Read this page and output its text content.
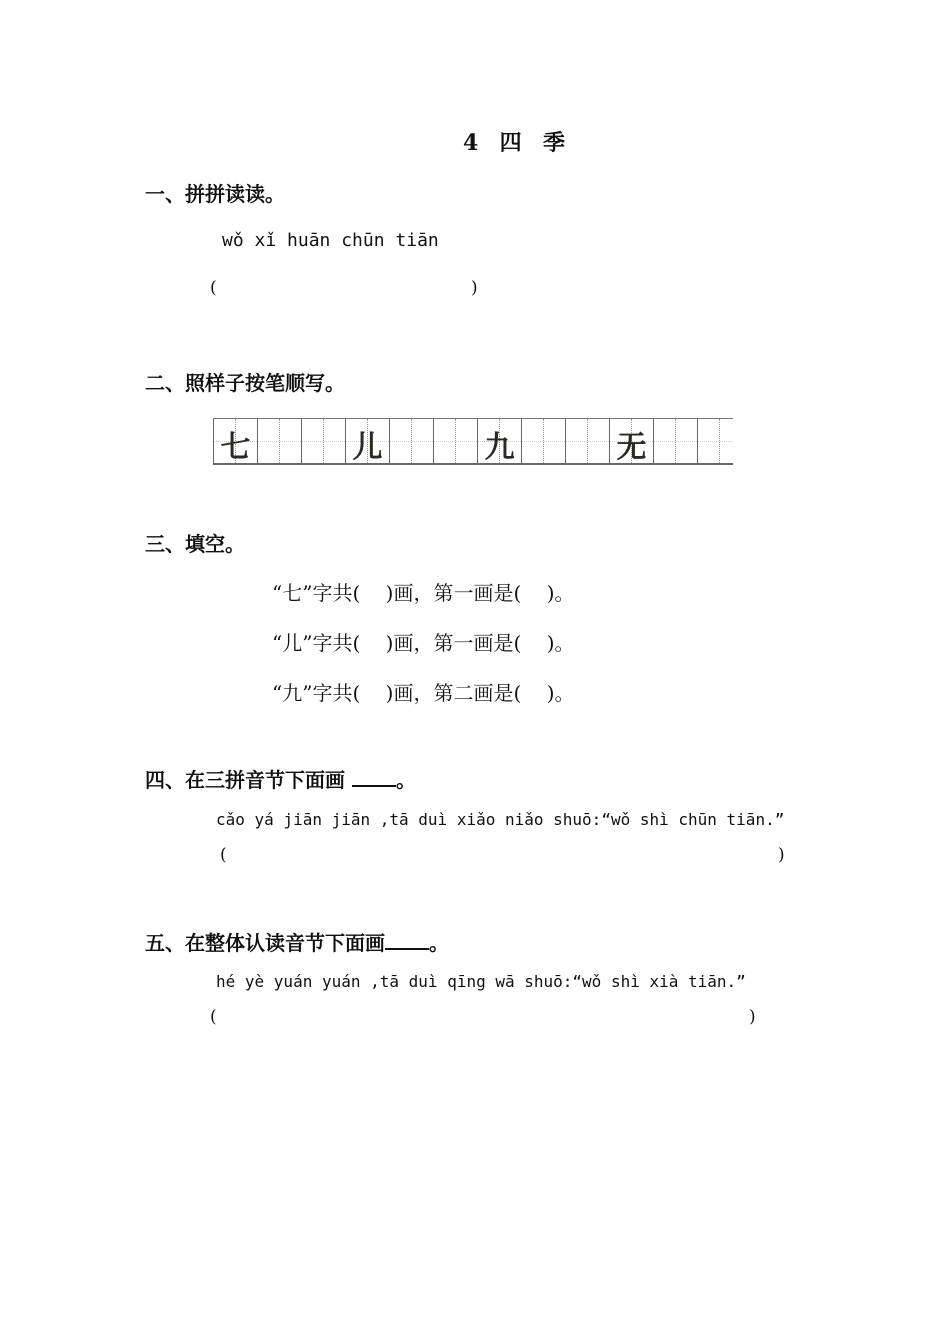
4  四  季
一、拼拼读读。
wǒ xǐ huān chūn tiān
(	)
二、照样子按笔顺写。
七	儿	九	无
三、填空。
“七”字共(    )画，第一画是(    )。
“儿”字共(    )画，第一画是(    )。
“九”字共(    )画，第二画是(    )。
四、在三拼音节下面画	。
cǎo yá jiān jiān ,tā duì xiǎo niǎo shuō:“wǒ shì chūn tiān.”
(	)
五、在整体认读音节下面画 。
hé yè yuán yuán ,tā duì qīng wā shuō:“wǒ shì xià tiān.”
(	)
